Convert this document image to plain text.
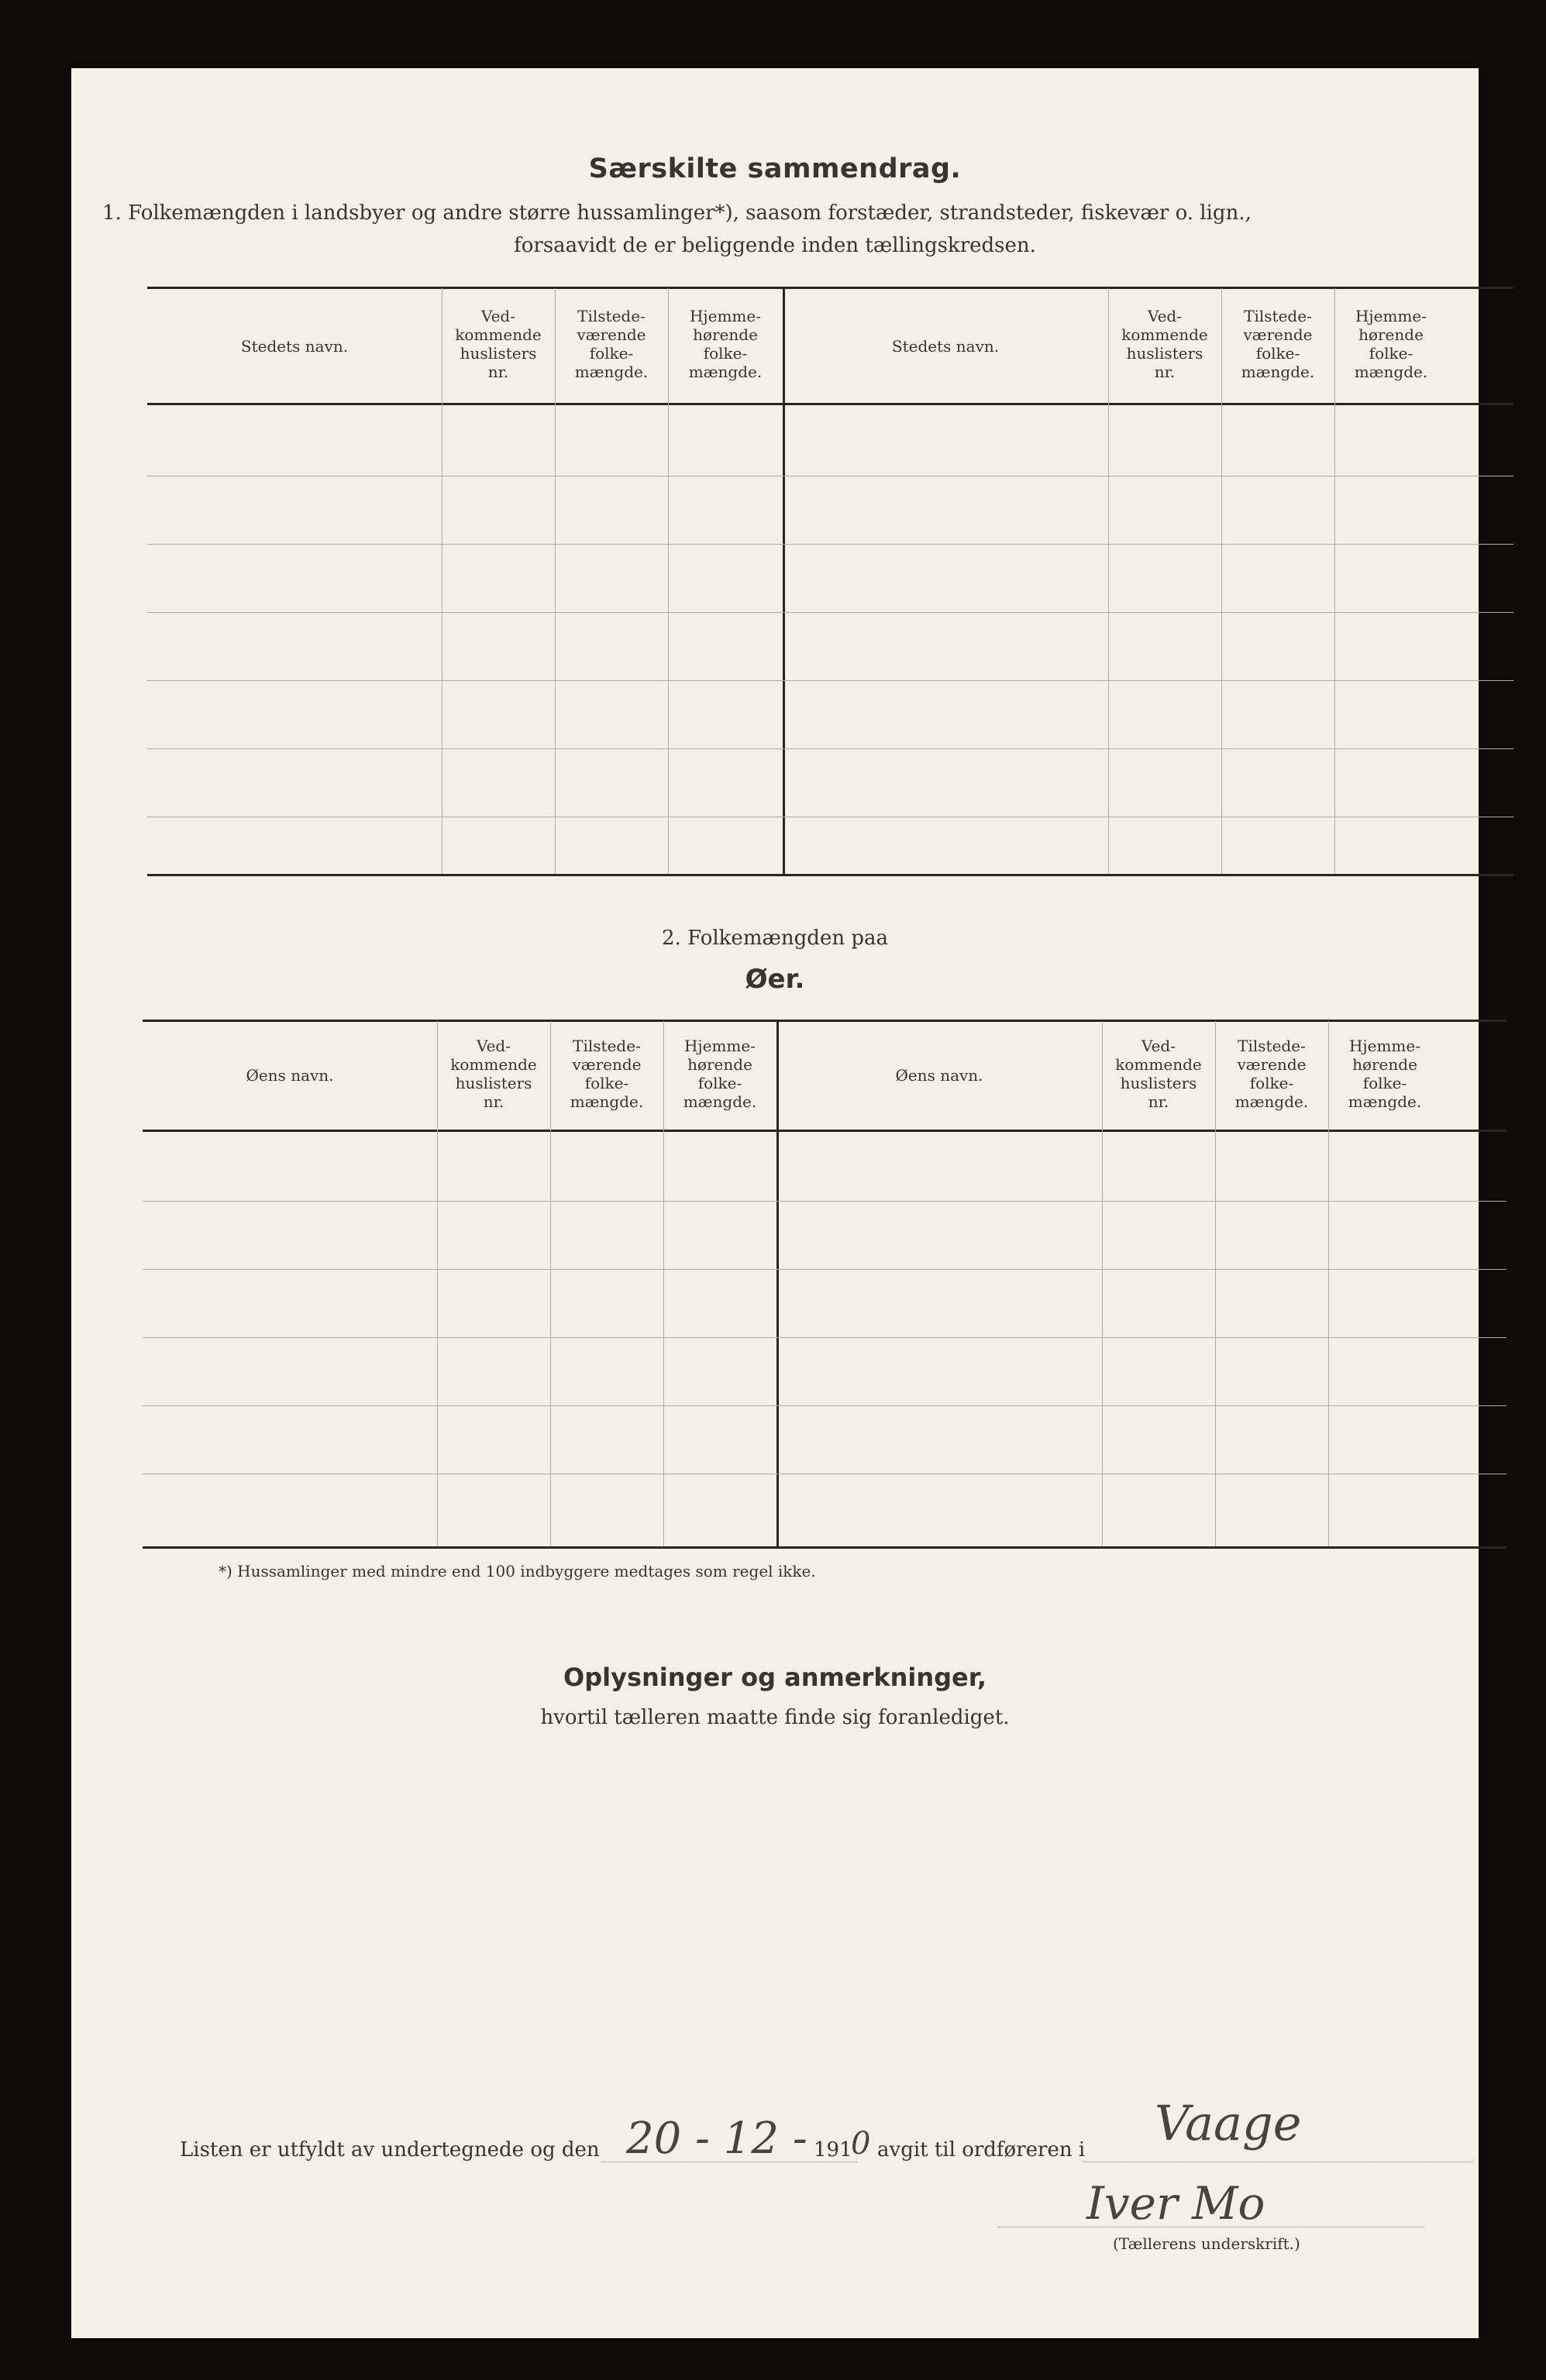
Særskilte sammendrag.
1. Folkemængden i landsbyer og andre større hussamlinger*), saasom forstæder, strandsteder, fiskevær o. lign.,
forsaavidt de er beliggende inden tællingskredsen.
Stedets navn.
Ved-
kommende
huslisters
nr.
Tilstede-
værende
folke-
mængde.
Hjemme-
hørende
folke-
mængde.
Stedets navn.
Ved-
kommende
huslisters
nr.
Tilstede-
værende
folke-
mængde.
Hjemme-
hørende
folke-
mængde.
2. Folkemængden paa
Øer.
Øens navn.
Ved-
kommende
huslisters
nr.
Tilstede-
værende
folke-
mængde.
Hjemme-
hørende
folke-
mængde.
Øens navn.
Ved-
kommende
huslisters
nr.
Tilstede-
værende
folke-
mængde.
Hjemme-
hørende
folke-
mængde.
*) Hussamlinger med mindre end 100 indbyggere medtages som regel ikke.
Oplysninger og anmerkninger,
hvortil tælleren maatte finde sig foranlediget.
Listen er utfyldt av undertegnede og den 20 - 12 - 191
0 avgit til ordføreren i Vaage
Iver Mo
(Tællerens underskrift.)
